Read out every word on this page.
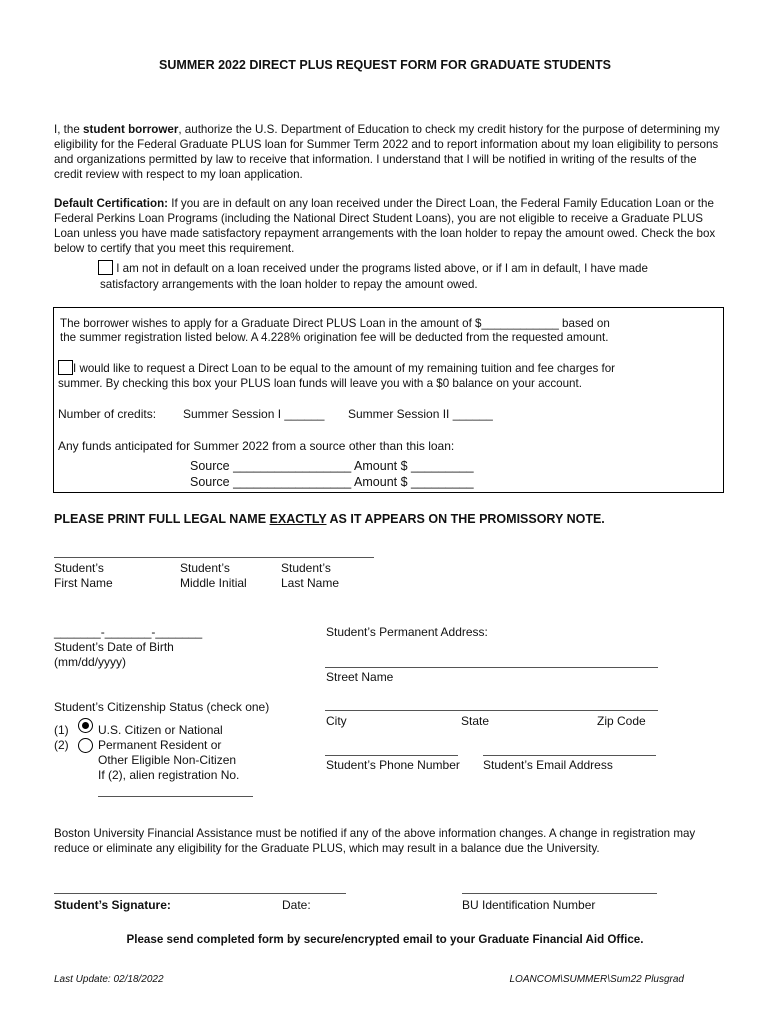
SUMMER 2022 DIRECT PLUS REQUEST FORM FOR GRADUATE STUDENTS
I, the student borrower, authorize the U.S. Department of Education to check my credit history for the purpose of determining my eligibility for the Federal Graduate PLUS loan for Summer Term 2022 and to report information about my loan eligibility to persons and organizations permitted by law to receive that information. I understand that I will be notified in writing of the results of the credit review with respect to my loan application.
Default Certification: If you are in default on any loan received under the Direct Loan, the Federal Family Education Loan or the Federal Perkins Loan Programs (including the National Direct Student Loans), you are not eligible to receive a Graduate PLUS Loan unless you have made satisfactory repayment arrangements with the loan holder to repay the amount owed. Check the box below to certify that you meet this requirement.
I am not in default on a loan received under the programs listed above, or if I am in default, I have made
satisfactory arrangements with the loan holder to repay the amount owed.
The borrower wishes to apply for a Graduate Direct PLUS Loan in the amount of $____________ based on
the summer registration listed below. A 4.228% origination fee will be deducted from the requested amount.
I would like to request a Direct Loan to be equal to the amount of my remaining tuition and fee charges for
summer. By checking this box your PLUS loan funds will leave you with a $0 balance on your account.
Number of credits: Summer Session I ______ Summer Session II ______
Any funds anticipated for Summer 2022 from a source other than this loan:
Source _________________ Amount $ _________
Source _________________ Amount $ _________
PLEASE PRINT FULL LEGAL NAME EXACTLY AS IT APPEARS ON THE PROMISSORY NOTE.
Student’s
First Name
Student’s
Middle Initial
Student’s
Last Name
_______-_______-_______
Student’s Date of Birth
(mm/dd/yyyy)
Student’s Permanent Address:
Street Name
City	State	Zip Code
Student’s Phone Number Student’s Email Address
Student’s Citizenship Status (check one)
(1) U.S. Citizen or National
(2) Permanent Resident or
Other Eligible Non-Citizen
If (2), alien registration No.
Boston University Financial Assistance must be notified if any of the above information changes. A change in registration may reduce or eliminate any eligibility for the Graduate PLUS, which may result in a balance due the University.
Student’s Signature:	Date:	BU Identification Number
Please send completed form by secure/encrypted email to your Graduate Financial Aid Office.
Last Update: 02/18/2022	LOANCOM\SUMMER\Sum22 Plusgrad
